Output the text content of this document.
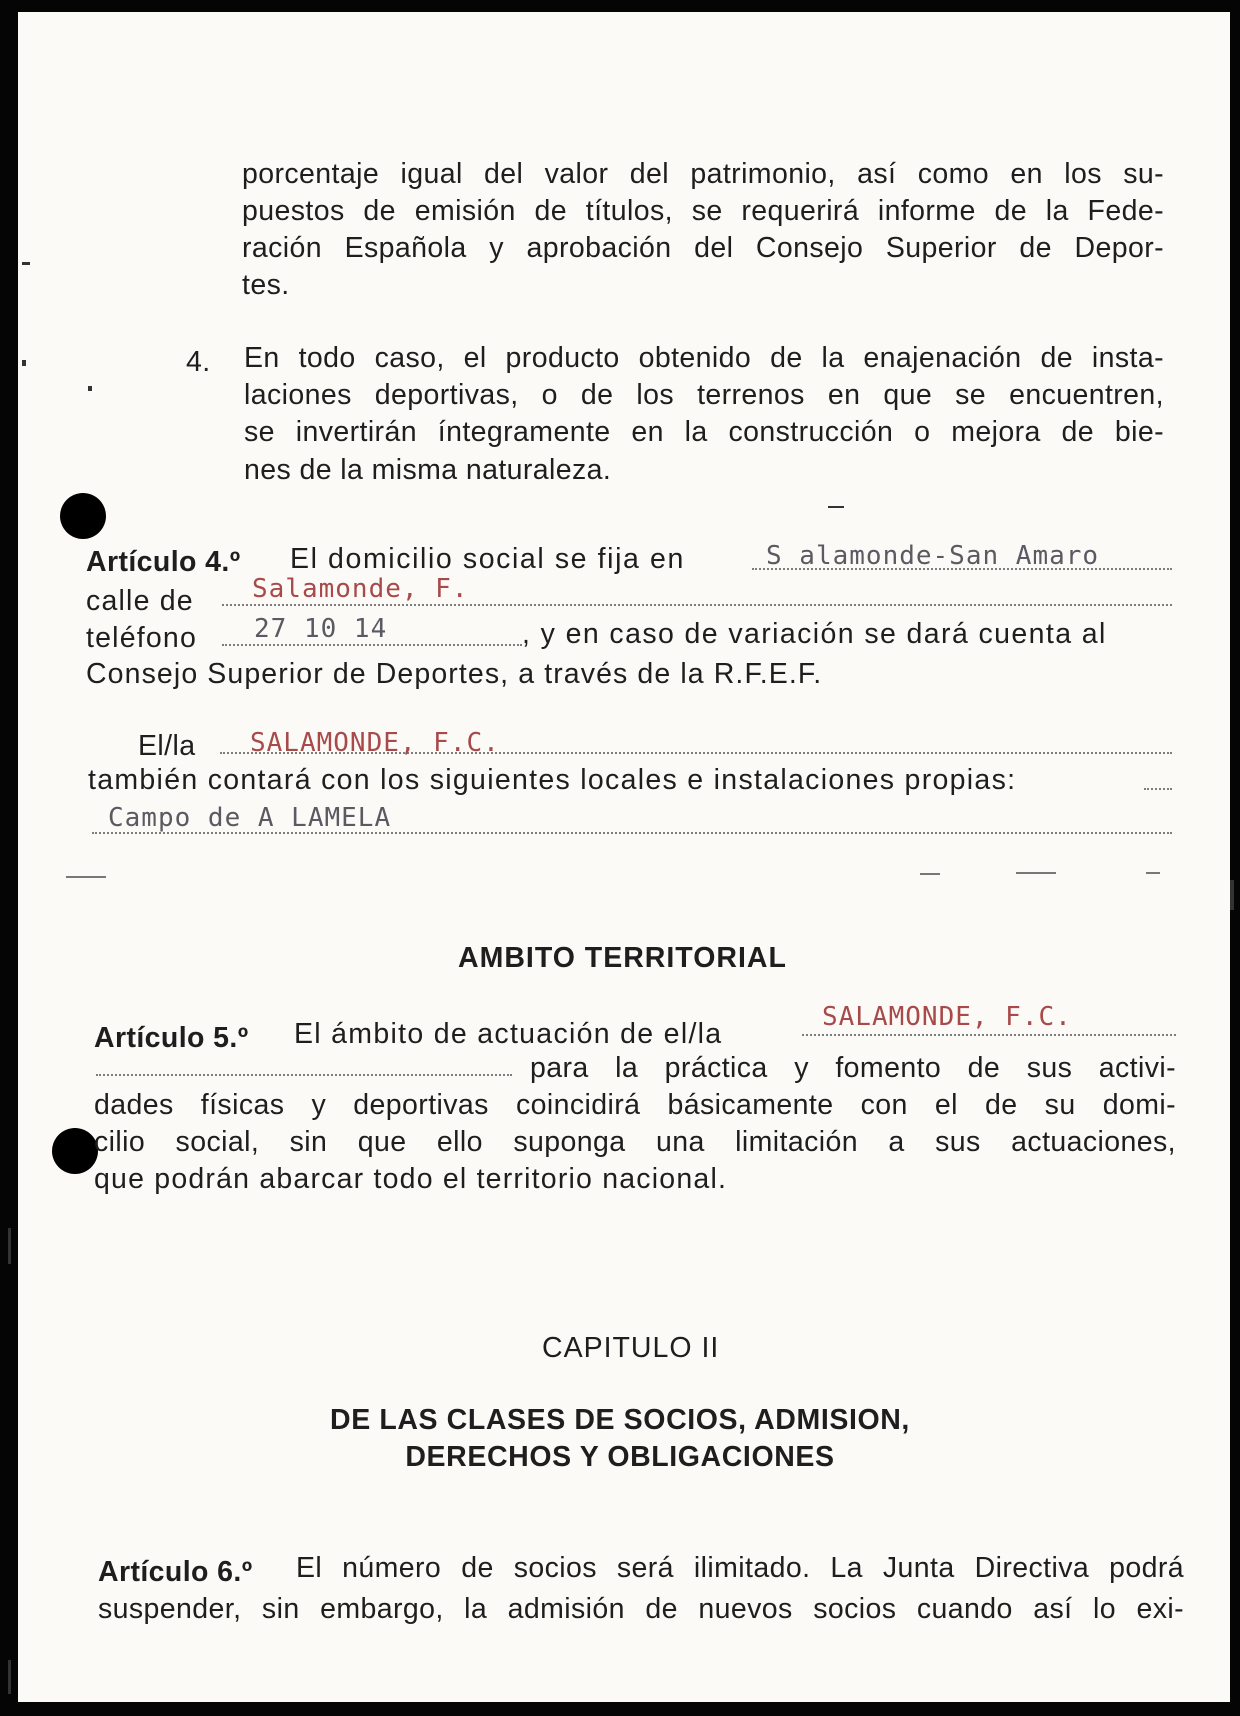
porcentaje igual del valor del patrimonio, así como en los su-
puestos de emisión de títulos, se requerirá informe de la Fede-
ración Española y aprobación del Consejo Superior de Depor-
tes.
4. En todo caso, el producto obtenido de la enajenación de insta-
laciones deportivas, o de los terrenos en que se encuentren,
se invertirán íntegramente en la construcción o mejora de bie-
nes de la misma naturaleza.
Artículo 4.º El domicilio social se fija en	S alamonde-San Amaro
calle de Salamonde, F.
teléfono 27 10 14	, y en caso de variación se dará cuenta al
Consejo Superior de Deportes, a través de la R.F.E.F.
El/la SALAMONDE, F.C.
también contará con los siguientes locales e instalaciones propias:
Campo de A LAMELA
AMBITO TERRITORIAL
Artículo 5.º El ámbito de actuación de el/la
SALAMONDE, F.C.
para la práctica y fomento de sus activi-
dades físicas y deportivas coincidirá básicamente con el de su domi-
cilio social, sin que ello suponga una limitación a sus actuaciones,
que podrán abarcar todo el territorio nacional.
CAPITULO II
DE LAS CLASES DE SOCIOS, ADMISION,
DERECHOS Y OBLIGACIONES
Artículo 6.º El número de socios será ilimitado. La Junta Directiva podrá
suspender, sin embargo, la admisión de nuevos socios cuando así lo exi-
